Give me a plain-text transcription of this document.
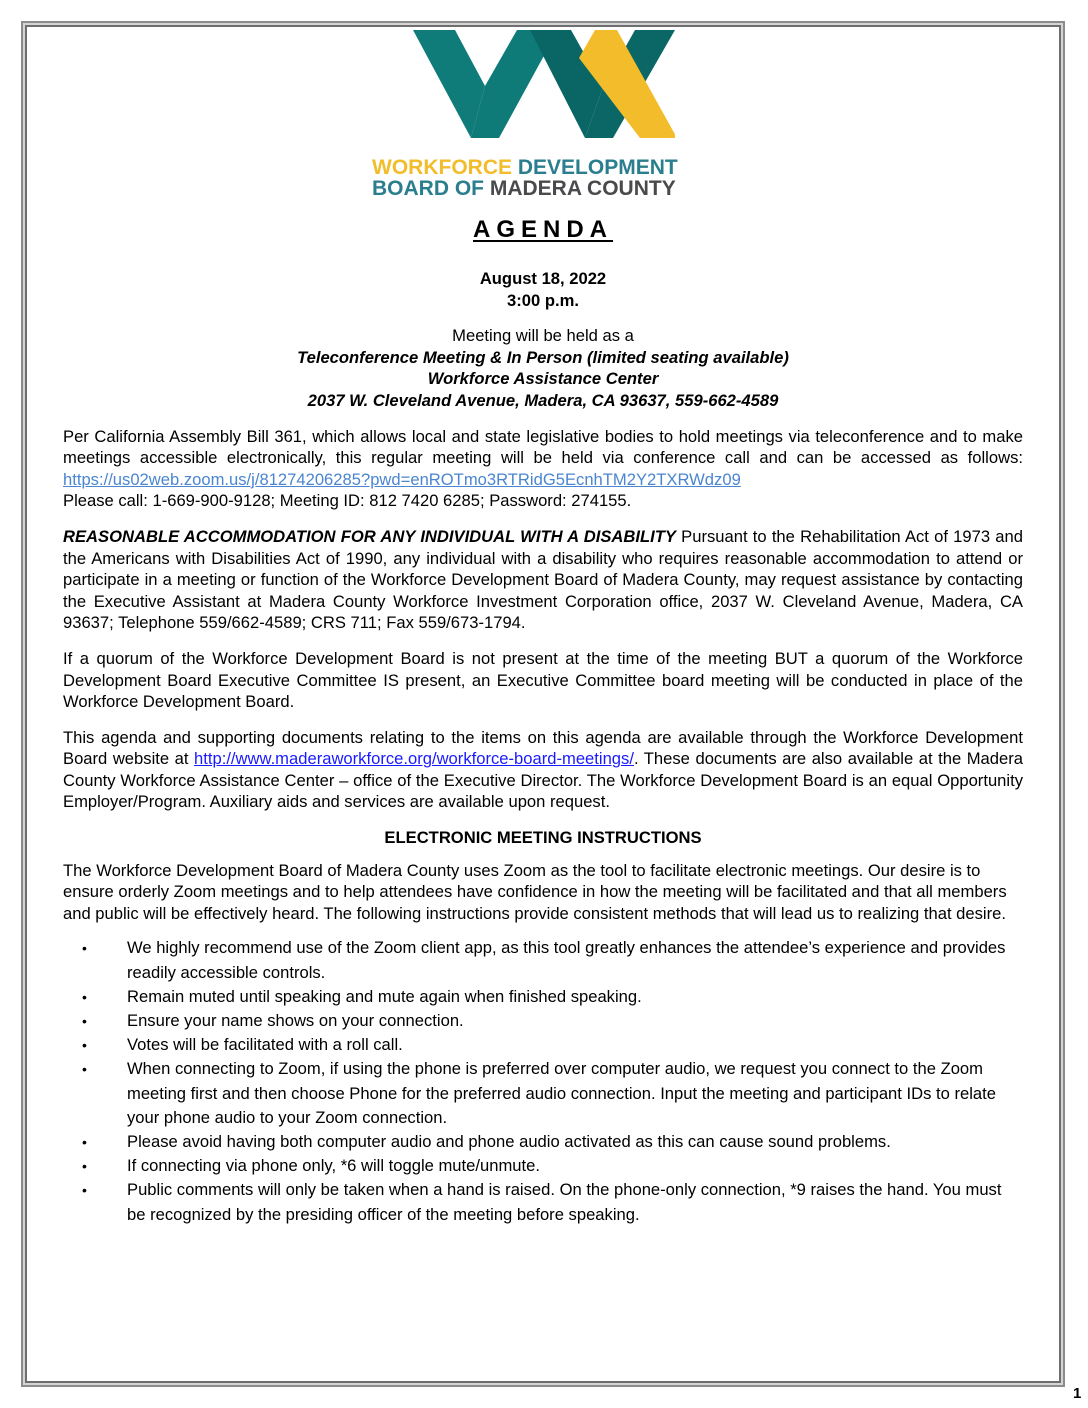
WORKFORCE DEVELOPMENT
BOARD OF MADERA COUNTY
AGENDA
August 18, 2022
3:00 p.m.
Meeting will be held as a
Teleconference Meeting & In Person (limited seating available)
Workforce Assistance Center
2037 W. Cleveland Avenue, Madera, CA 93637, 559-662-4589

Per California Assembly Bill 361, which allows local and state legislative bodies to hold meetings via teleconference and to make meetings accessible electronically, this regular meeting will be held via conference call and can be accessed as follows: https://us02web.zoom.us/j/81274206285?pwd=enROTmo3RTRidG5EcnhTM2Y2TXRWdz09
Please call: 1-669-900-9128; Meeting ID: 812 7420 6285; Password: 274155.

REASONABLE ACCOMMODATION FOR ANY INDIVIDUAL WITH A DISABILITY Pursuant to the Rehabilitation Act of 1973 and the Americans with Disabilities Act of 1990, any individual with a disability who requires reasonable accommodation to attend or participate in a meeting or function of the Workforce Development Board of Madera County, may request assistance by contacting the Executive Assistant at Madera County Workforce Investment Corporation office, 2037 W. Cleveland Avenue, Madera, CA 93637; Telephone 559/662-4589; CRS 711; Fax 559/673-1794.

If a quorum of the Workforce Development Board is not present at the time of the meeting BUT a quorum of the Workforce Development Board Executive Committee IS present, an Executive Committee board meeting will be conducted in place of the Workforce Development Board.

This agenda and supporting documents relating to the items on this agenda are available through the Workforce Development Board website at http://www.maderaworkforce.org/workforce-board-meetings/. These documents are also available at the Madera County Workforce Assistance Center – office of the Executive Director. The Workforce Development Board is an equal Opportunity Employer/Program. Auxiliary aids and services are available upon request.

ELECTRONIC MEETING INSTRUCTIONS

The Workforce Development Board of Madera County uses Zoom as the tool to facilitate electronic meetings. Our desire is to ensure orderly Zoom meetings and to help attendees have confidence in how the meeting will be facilitated and that all members and public will be effectively heard. The following instructions provide consistent methods that will lead us to realizing that desire.

• We highly recommend use of the Zoom client app, as this tool greatly enhances the attendee’s experience and provides readily accessible controls.
• Remain muted until speaking and mute again when finished speaking.
• Ensure your name shows on your connection.
• Votes will be facilitated with a roll call.
• When connecting to Zoom, if using the phone is preferred over computer audio, we request you connect to the Zoom meeting first and then choose Phone for the preferred audio connection. Input the meeting and participant IDs to relate your phone audio to your Zoom connection.
• Please avoid having both computer audio and phone audio activated as this can cause sound problems.
• If connecting via phone only, *6 will toggle mute/unmute.
• Public comments will only be taken when a hand is raised. On the phone-only connection, *9 raises the hand. You must be recognized by the presiding officer of the meeting before speaking.
1
